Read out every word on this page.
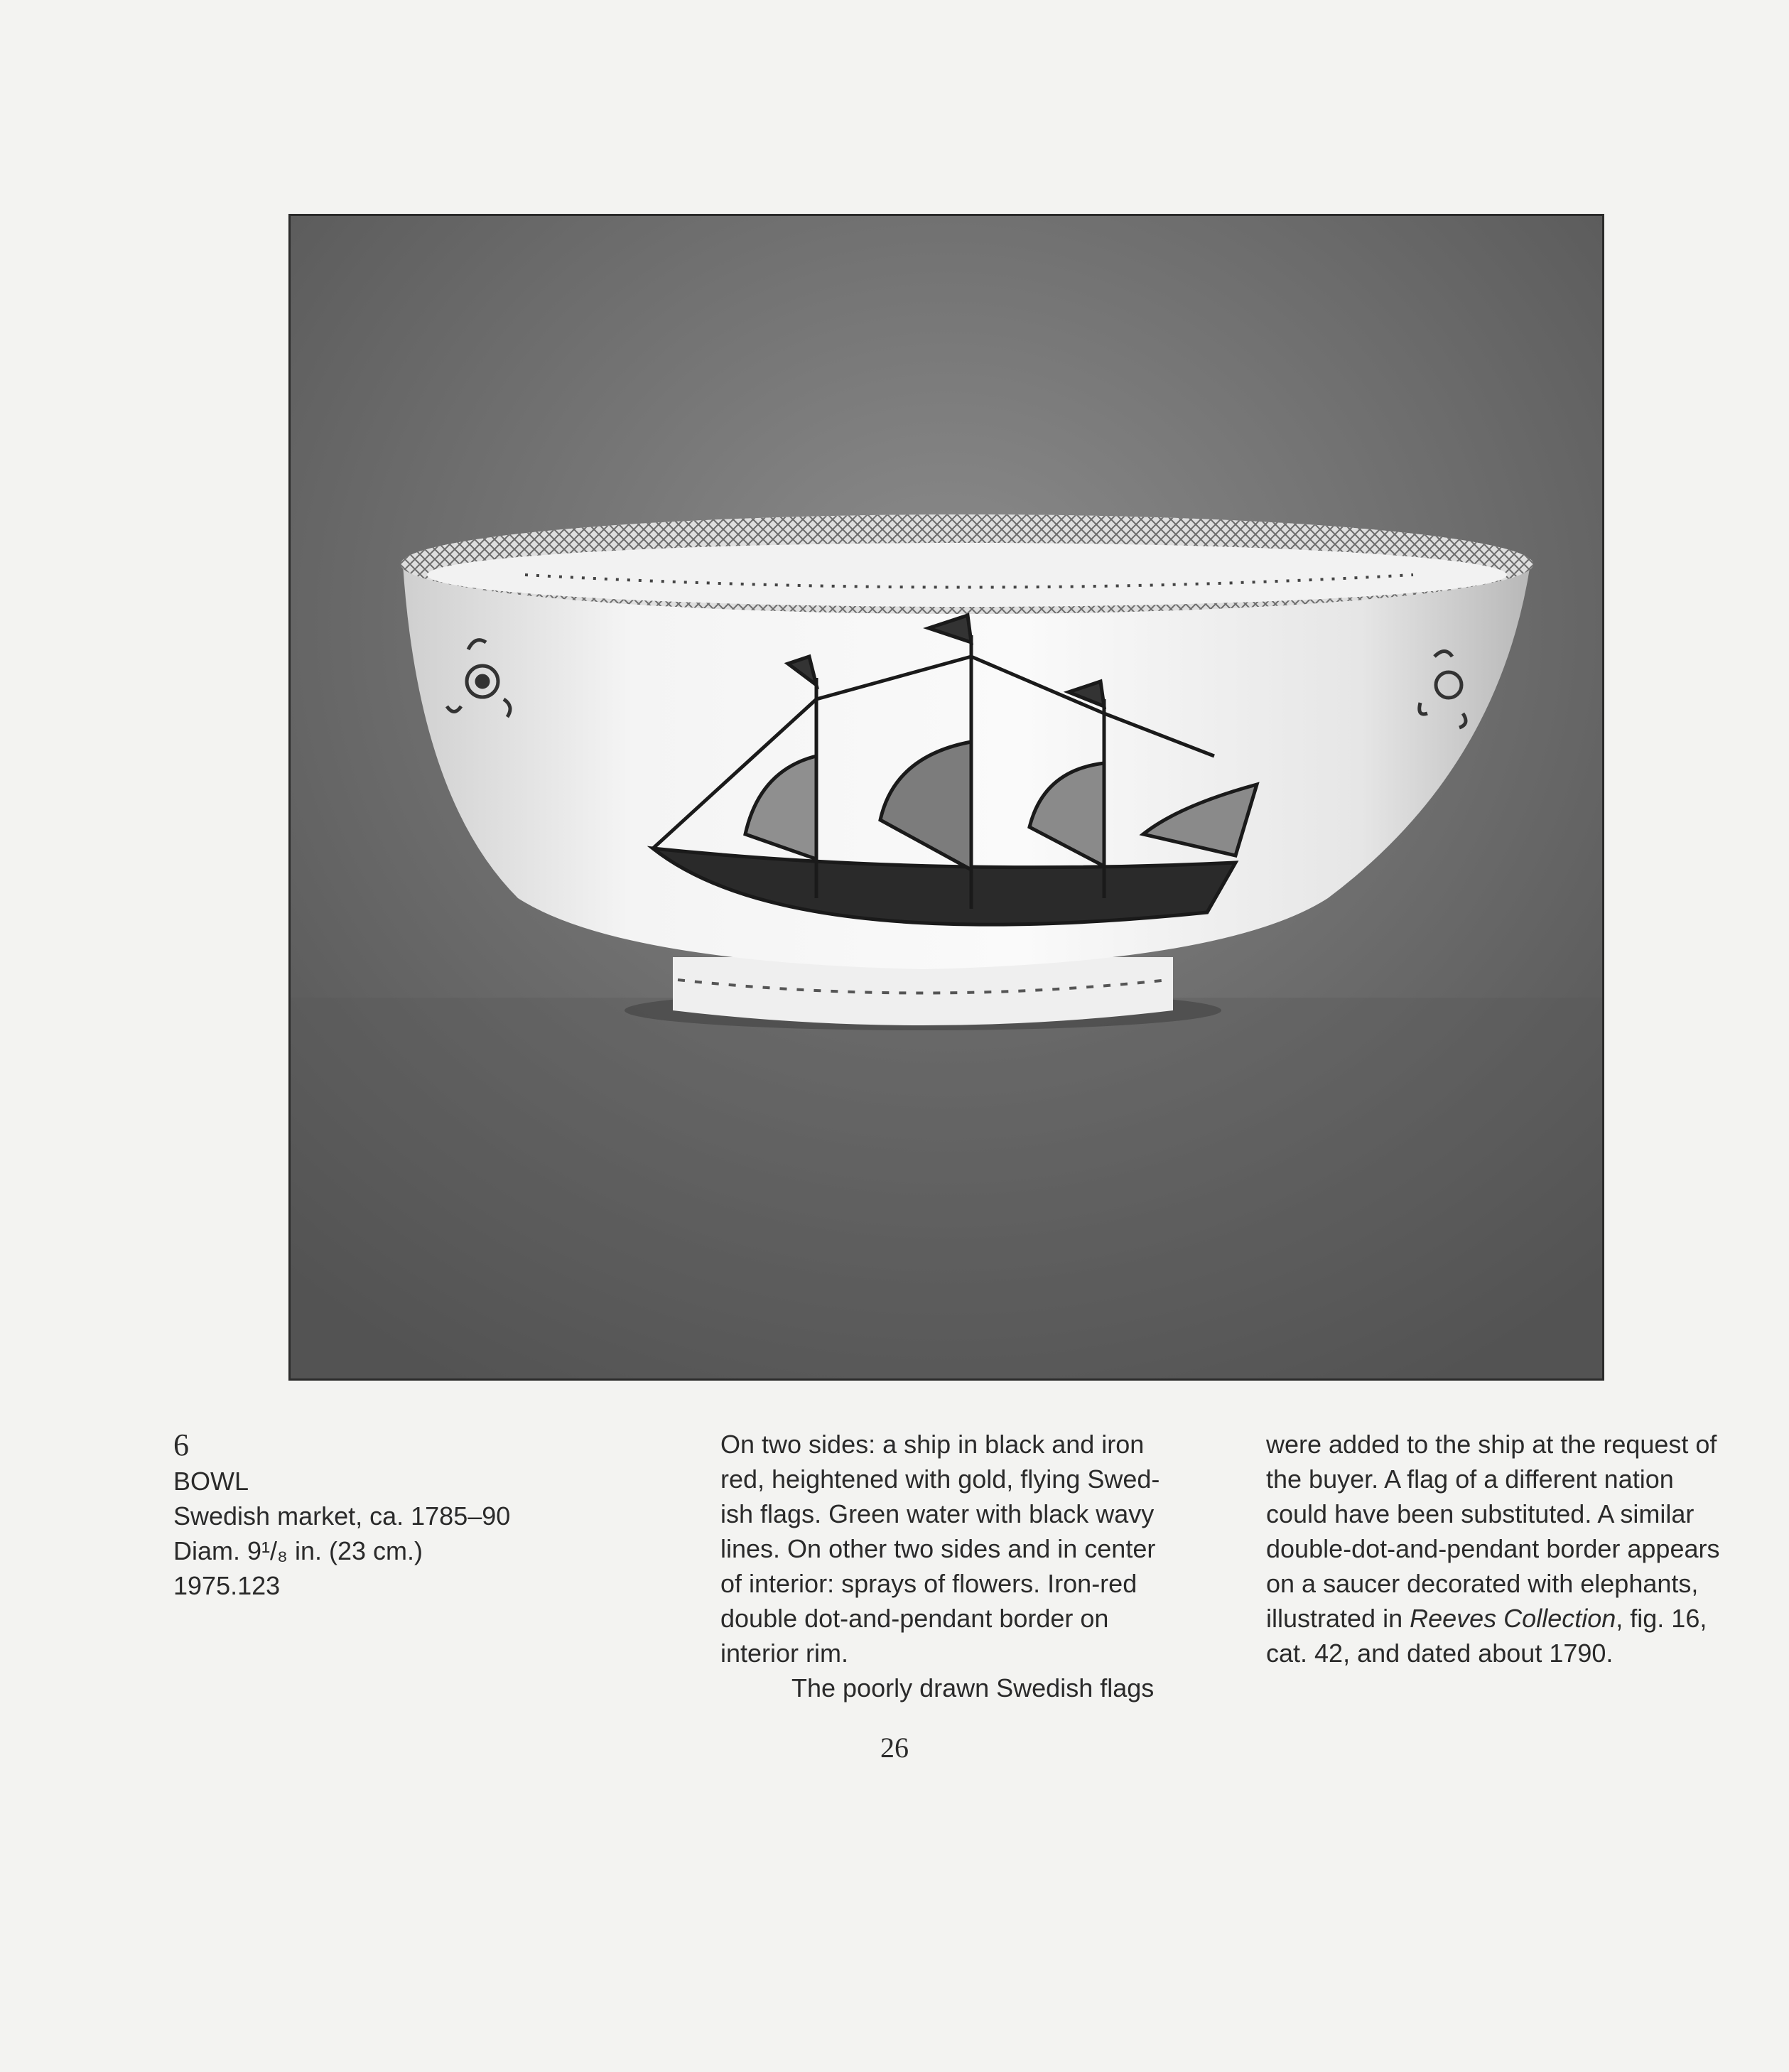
6
BOWL
Swedish market, ca. 1785–90
Diam. 9¹/₈ in. (23 cm.)
1975.123
On two sides: a ship in black and iron
red, heightened with gold, flying Swed-
ish flags. Green water with black wavy
lines. On other two sides and in center
of interior: sprays of flowers. Iron-red
double dot-and-pendant border on
interior rim.
The poorly drawn Swedish flags
were added to the ship at the request of
the buyer. A flag of a different nation
could have been substituted. A similar
double-dot-and-pendant border appears
on a saucer decorated with elephants,
illustrated in Reeves Collection, fig. 16,
cat. 42, and dated about 1790.
26
